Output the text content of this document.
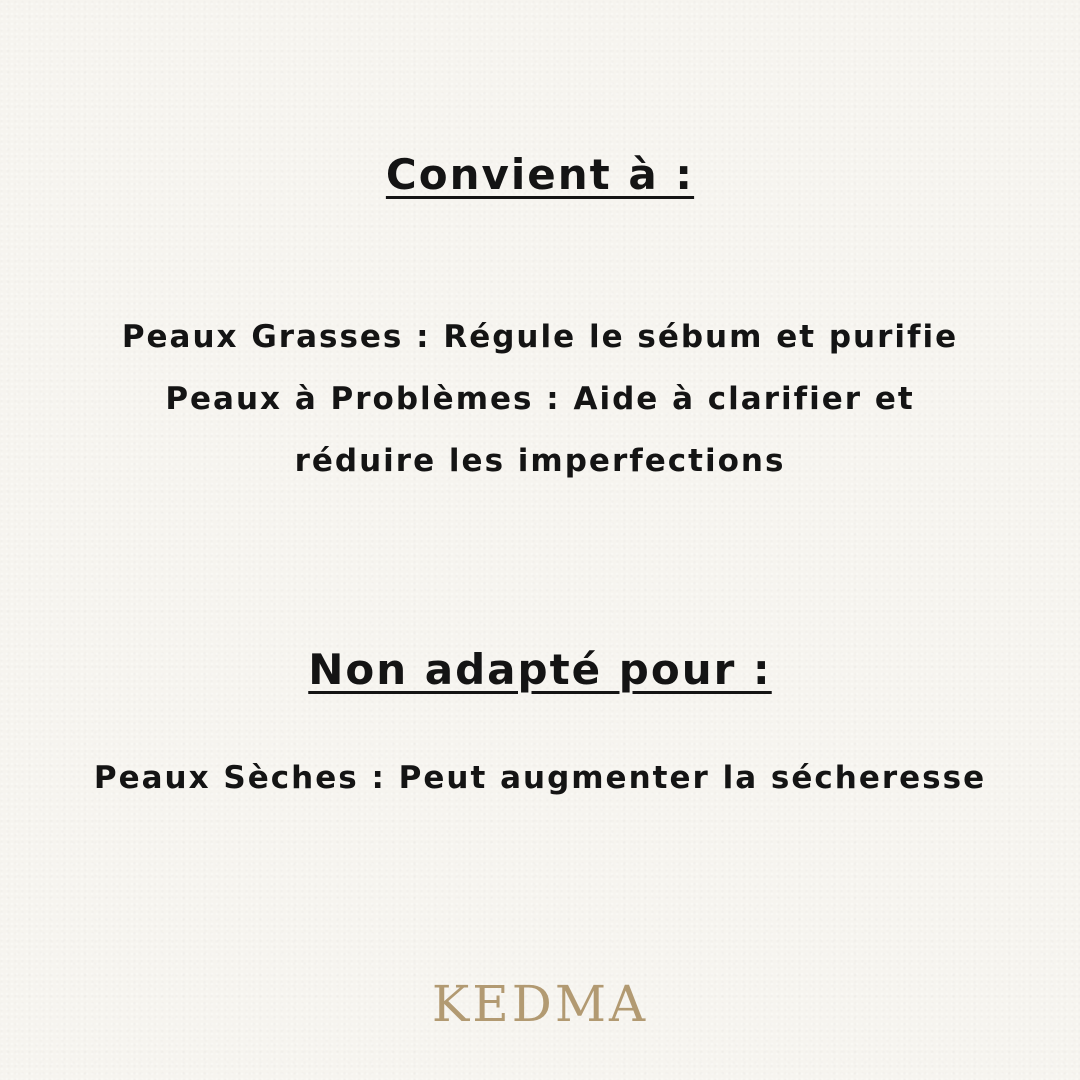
Convient à :

Peaux Grasses : Régule le sébum et purifie

Peaux à Problèmes : Aide à clarifier et

réduire les imperfections

Non adapté pour :

Peaux Sèches : Peut augmenter la sécheresse

KEDMA
